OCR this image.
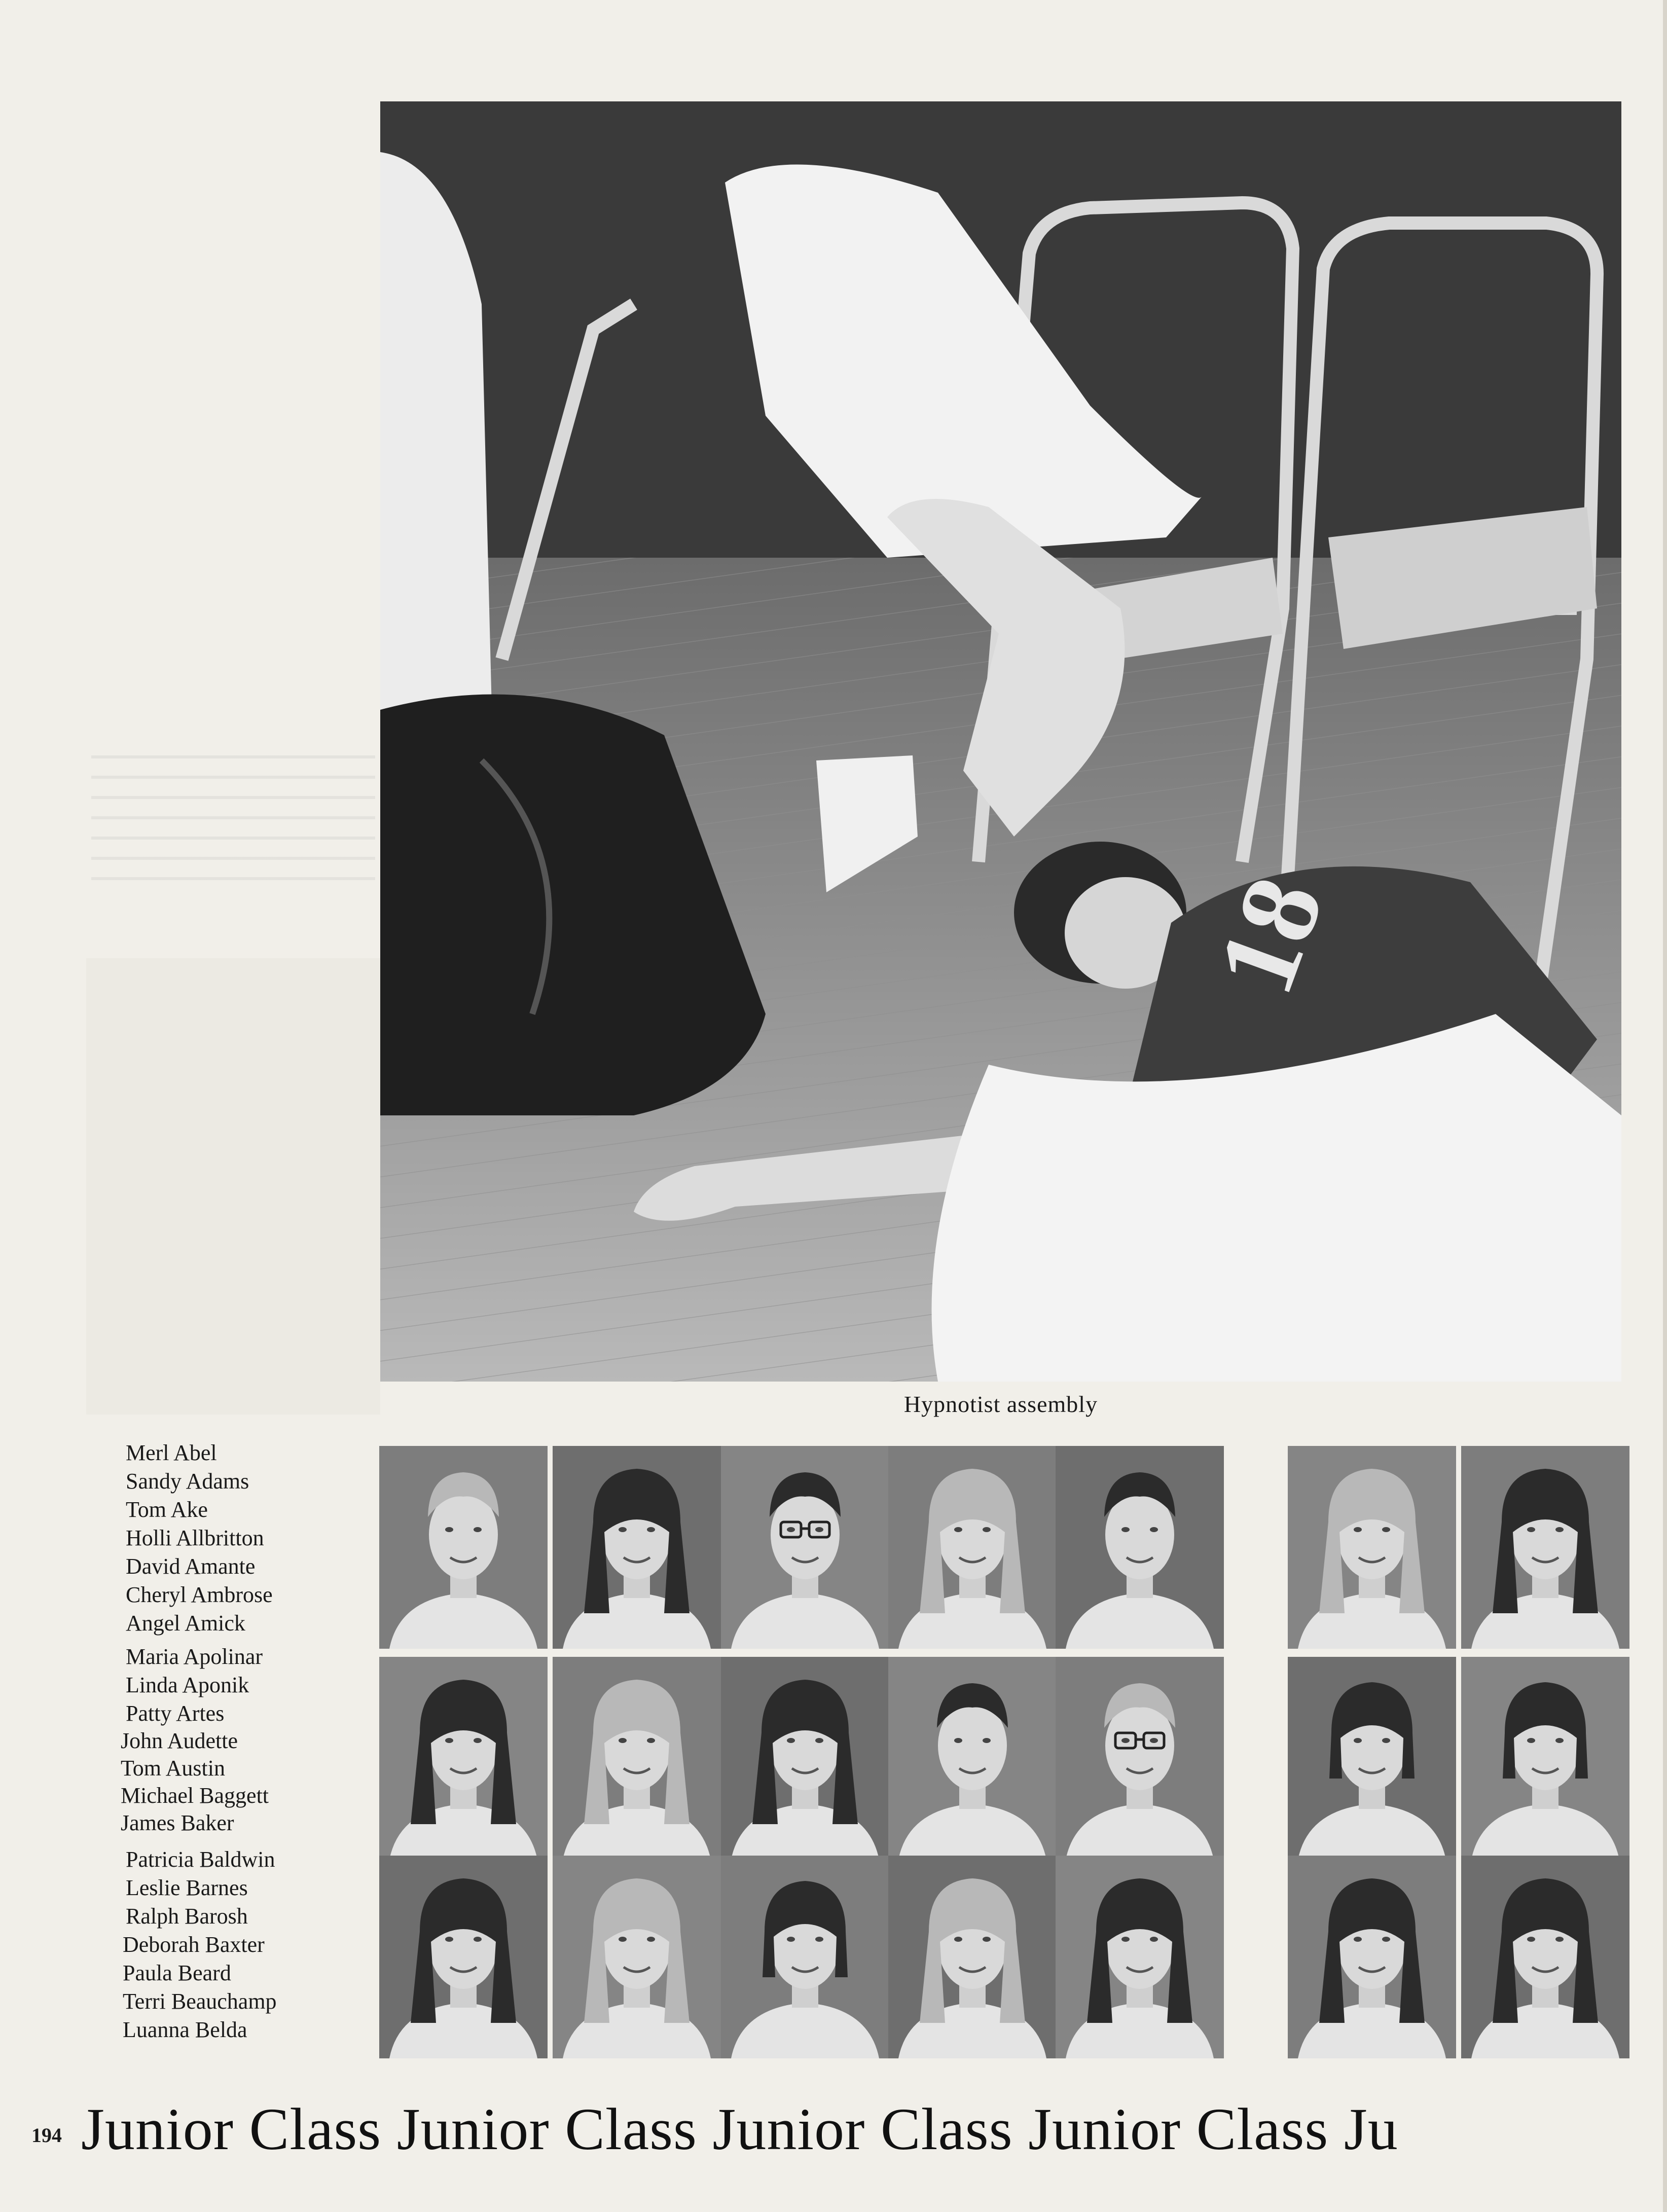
18
Hypnotist assembly
Merl Abel
Sandy Adams
Tom Ake
Holli Allbritton
David Amante
Cheryl Ambrose
Angel Amick
Maria Apolinar
Linda Aponik
Patty Artes
John Audette
Tom Austin
Michael Baggett
James Baker
Patricia Baldwin
Leslie Barnes
Ralph Barosh
Deborah Baxter
Paula Beard
Terri Beauchamp
Luanna Belda
194 Junior Class Junior Class Junior Class Junior Class Ju
